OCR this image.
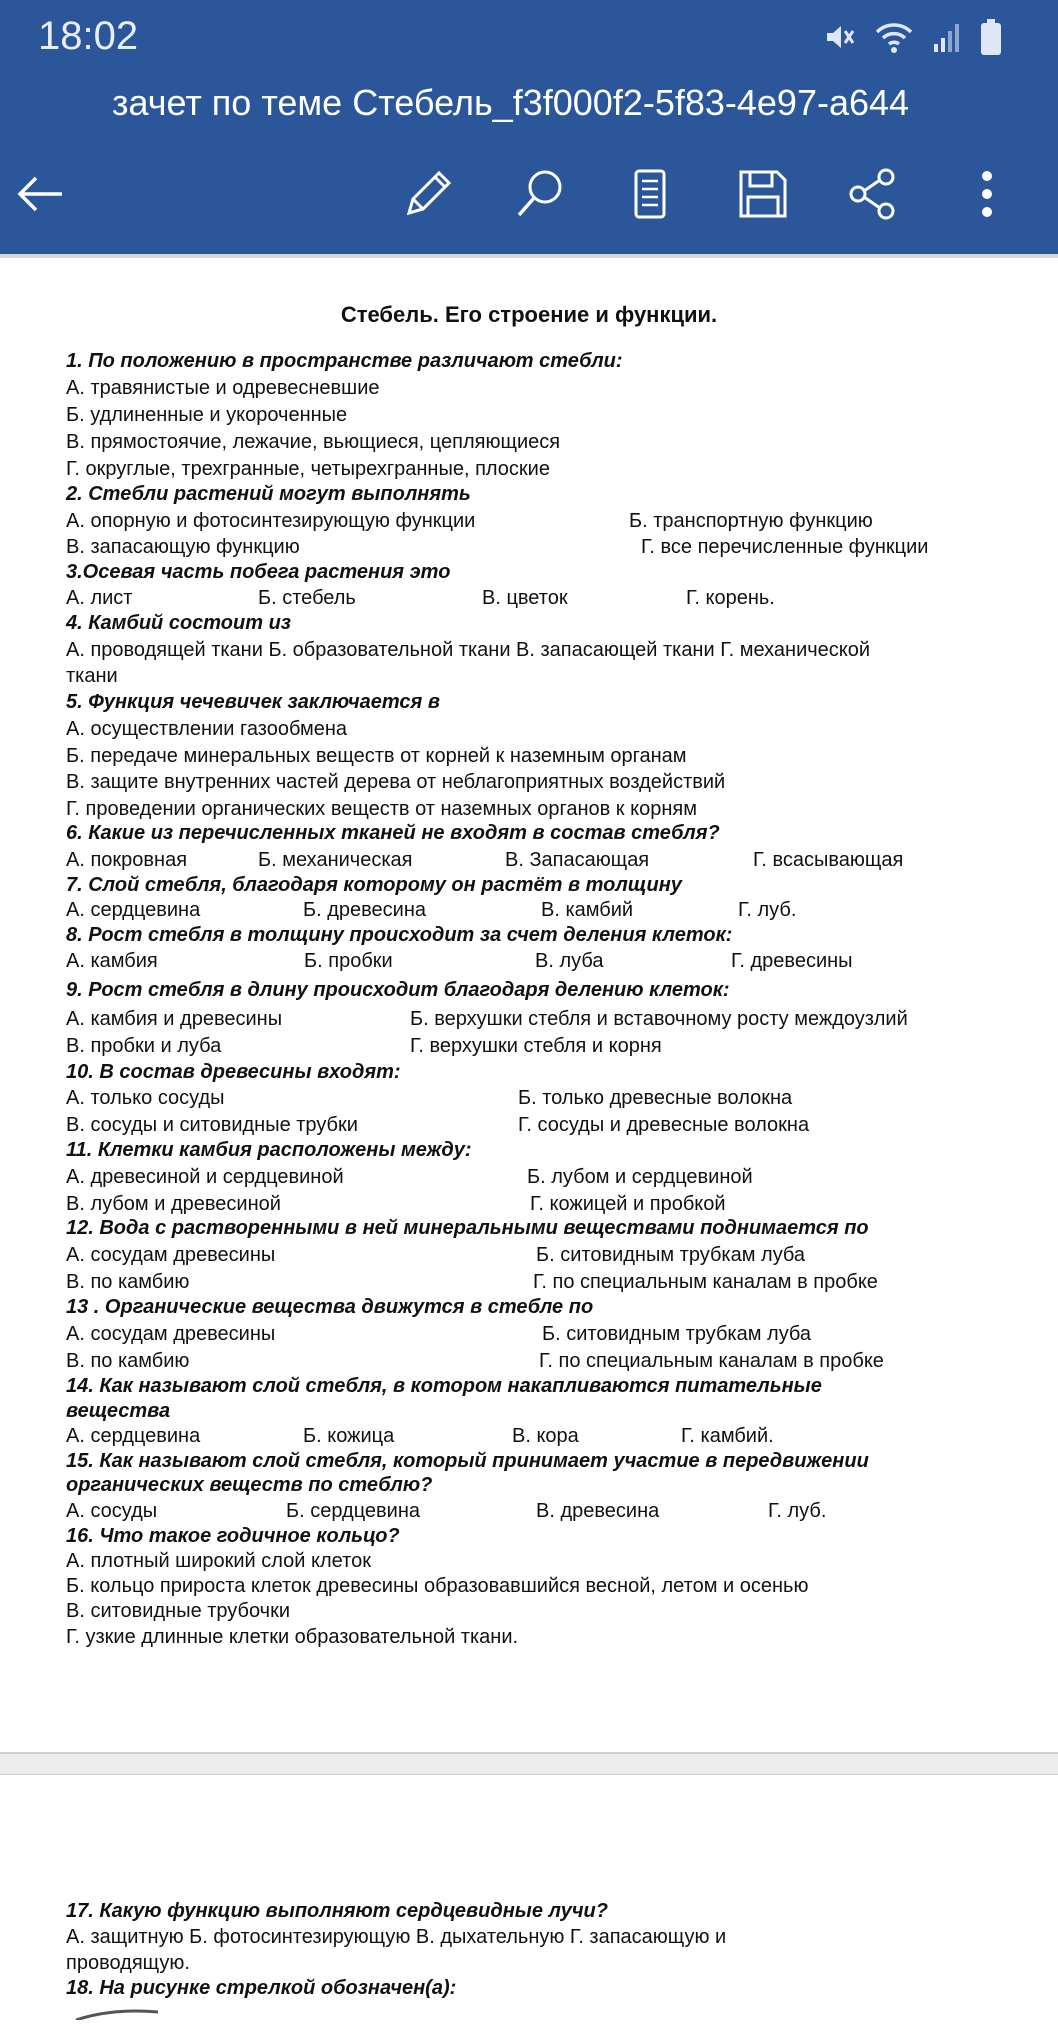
18:02
зачет по теме Стебель_f3f000f2-5f83-4e97-a644
Стебель. Его строение и функции.
1. По положению в пространстве различают стебли:
А. травянистые и одревесневшие
Б. удлиненные и укороченные
В. прямостоячие, лежачие, вьющиеся, цепляющиеся
Г. округлые, трехгранные, четырехгранные, плоские
2. Стебли растений могут выполнять
А. опорную и фотосинтезирующую функции	Б. транспортную функцию
В. запасающую функцию	Г. все перечисленные функции
3.Осевая часть побега растения это
А. лист	Б. стебель	В. цветок	Г. корень.
4. Камбий состоит из
А. проводящей ткани Б. образовательной ткани В. запасающей ткани Г. механической
ткани
5. Функция чечевичек заключается в
А. осуществлении газообмена
Б. передаче минеральных веществ от корней к наземным органам
В. защите внутренних частей дерева от неблагоприятных воздействий
Г. проведении органических веществ от наземных органов к корням
6. Какие из перечисленных тканей не входят в состав стебля?
А. покровная	Б. механическая	В. Запасающая	Г. всасывающая
7. Слой стебля, благодаря которому он растёт в толщину
А. сердцевина	Б. древесина	В. камбий	Г. луб.
8. Рост стебля в толщину происходит за счет деления клеток:
А. камбия	Б. пробки	В. луба	Г. древесины
9. Рост стебля в длину происходит благодаря делению клеток:
А. камбия и древесины	Б. верхушки стебля и вставочному росту междоузлий
В. пробки и луба	Г. верхушки стебля и корня
10. В состав древесины входят:
А. только сосуды	Б. только древесные волокна
В. сосуды и ситовидные трубки	Г. сосуды и древесные волокна
11. Клетки камбия расположены между:
А. древесиной и сердцевиной	Б. лубом и сердцевиной
В. лубом и древесиной	Г. кожицей и пробкой
12. Вода с растворенными в ней минеральными веществами поднимается по
А. сосудам древесины	Б. ситовидным трубкам луба
В. по камбию	Г. по специальным каналам в пробке
13 . Органические вещества движутся в стебле по
А. сосудам древесины	Б. ситовидным трубкам луба
В. по камбию	Г. по специальным каналам в пробке
14. Как называют слой стебля, в котором накапливаются питательные
вещества
А. сердцевина	Б. кожица	В. кора	Г. камбий.
15. Как называют слой стебля, который принимает участие в передвижении
органических веществ по стеблю?
А. сосуды	Б. сердцевина	В. древесина	Г. луб.
16. Что такое годичное кольцо?
А. плотный широкий слой клеток
Б. кольцо прироста клеток древесины образовавшийся весной, летом и осенью
В. ситовидные трубочки
Г. узкие длинные клетки образовательной ткани.
17. Какую функцию выполняют сердцевидные лучи?
А. защитную Б. фотосинтезирующую В. дыхательную Г. запасающую и
проводящую.
18. На рисунке стрелкой обозначен(а):
